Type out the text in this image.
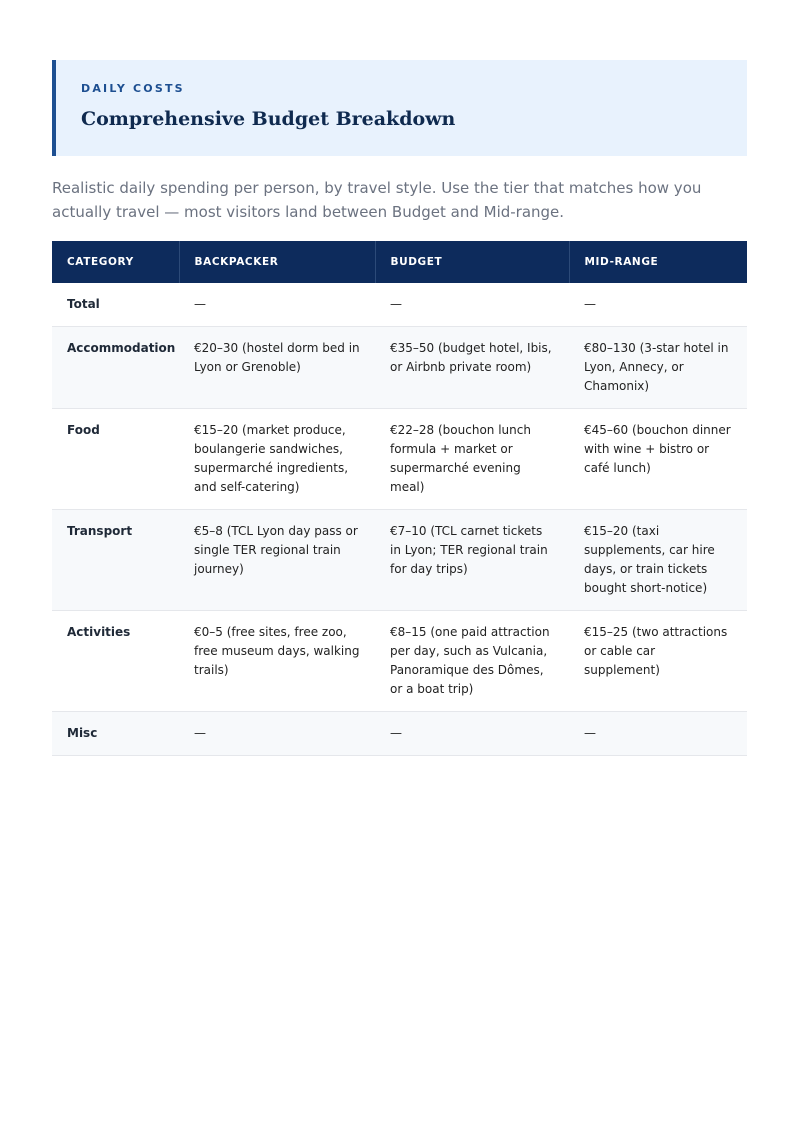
DAILY COSTS
Comprehensive Budget Breakdown
Realistic daily spending per person, by travel style. Use the tier that matches how you actually travel — most visitors land between Budget and Mid-range.
CATEGORY	BACKPACKER	BUDGET	MID-RANGE
Total	—	—	—
Accommodation	€20–30 (hostel dorm bed in Lyon or Grenoble)	€35–50 (budget hotel, Ibis, or Airbnb private room)	€80–130 (3-star hotel in Lyon, Annecy, or Chamonix)
Food	€15–20 (market produce, boulangerie sandwiches, supermarché ingredients, and self-catering)	€22–28 (bouchon lunch formula + market or supermarché evening meal)	€45–60 (bouchon dinner with wine + bistro or café lunch)
Transport	€5–8 (TCL Lyon day pass or single TER regional train journey)	€7–10 (TCL carnet tickets in Lyon; TER regional train for day trips)	€15–20 (taxi supplements, car hire days, or train tickets bought short-notice)
Activities	€0–5 (free sites, free zoo, free museum days, walking trails)	€8–15 (one paid attraction per day, such as Vulcania, Panoramique des Dômes, or a boat trip)	€15–25 (two attractions or cable car supplement)
Misc	—	—	—
